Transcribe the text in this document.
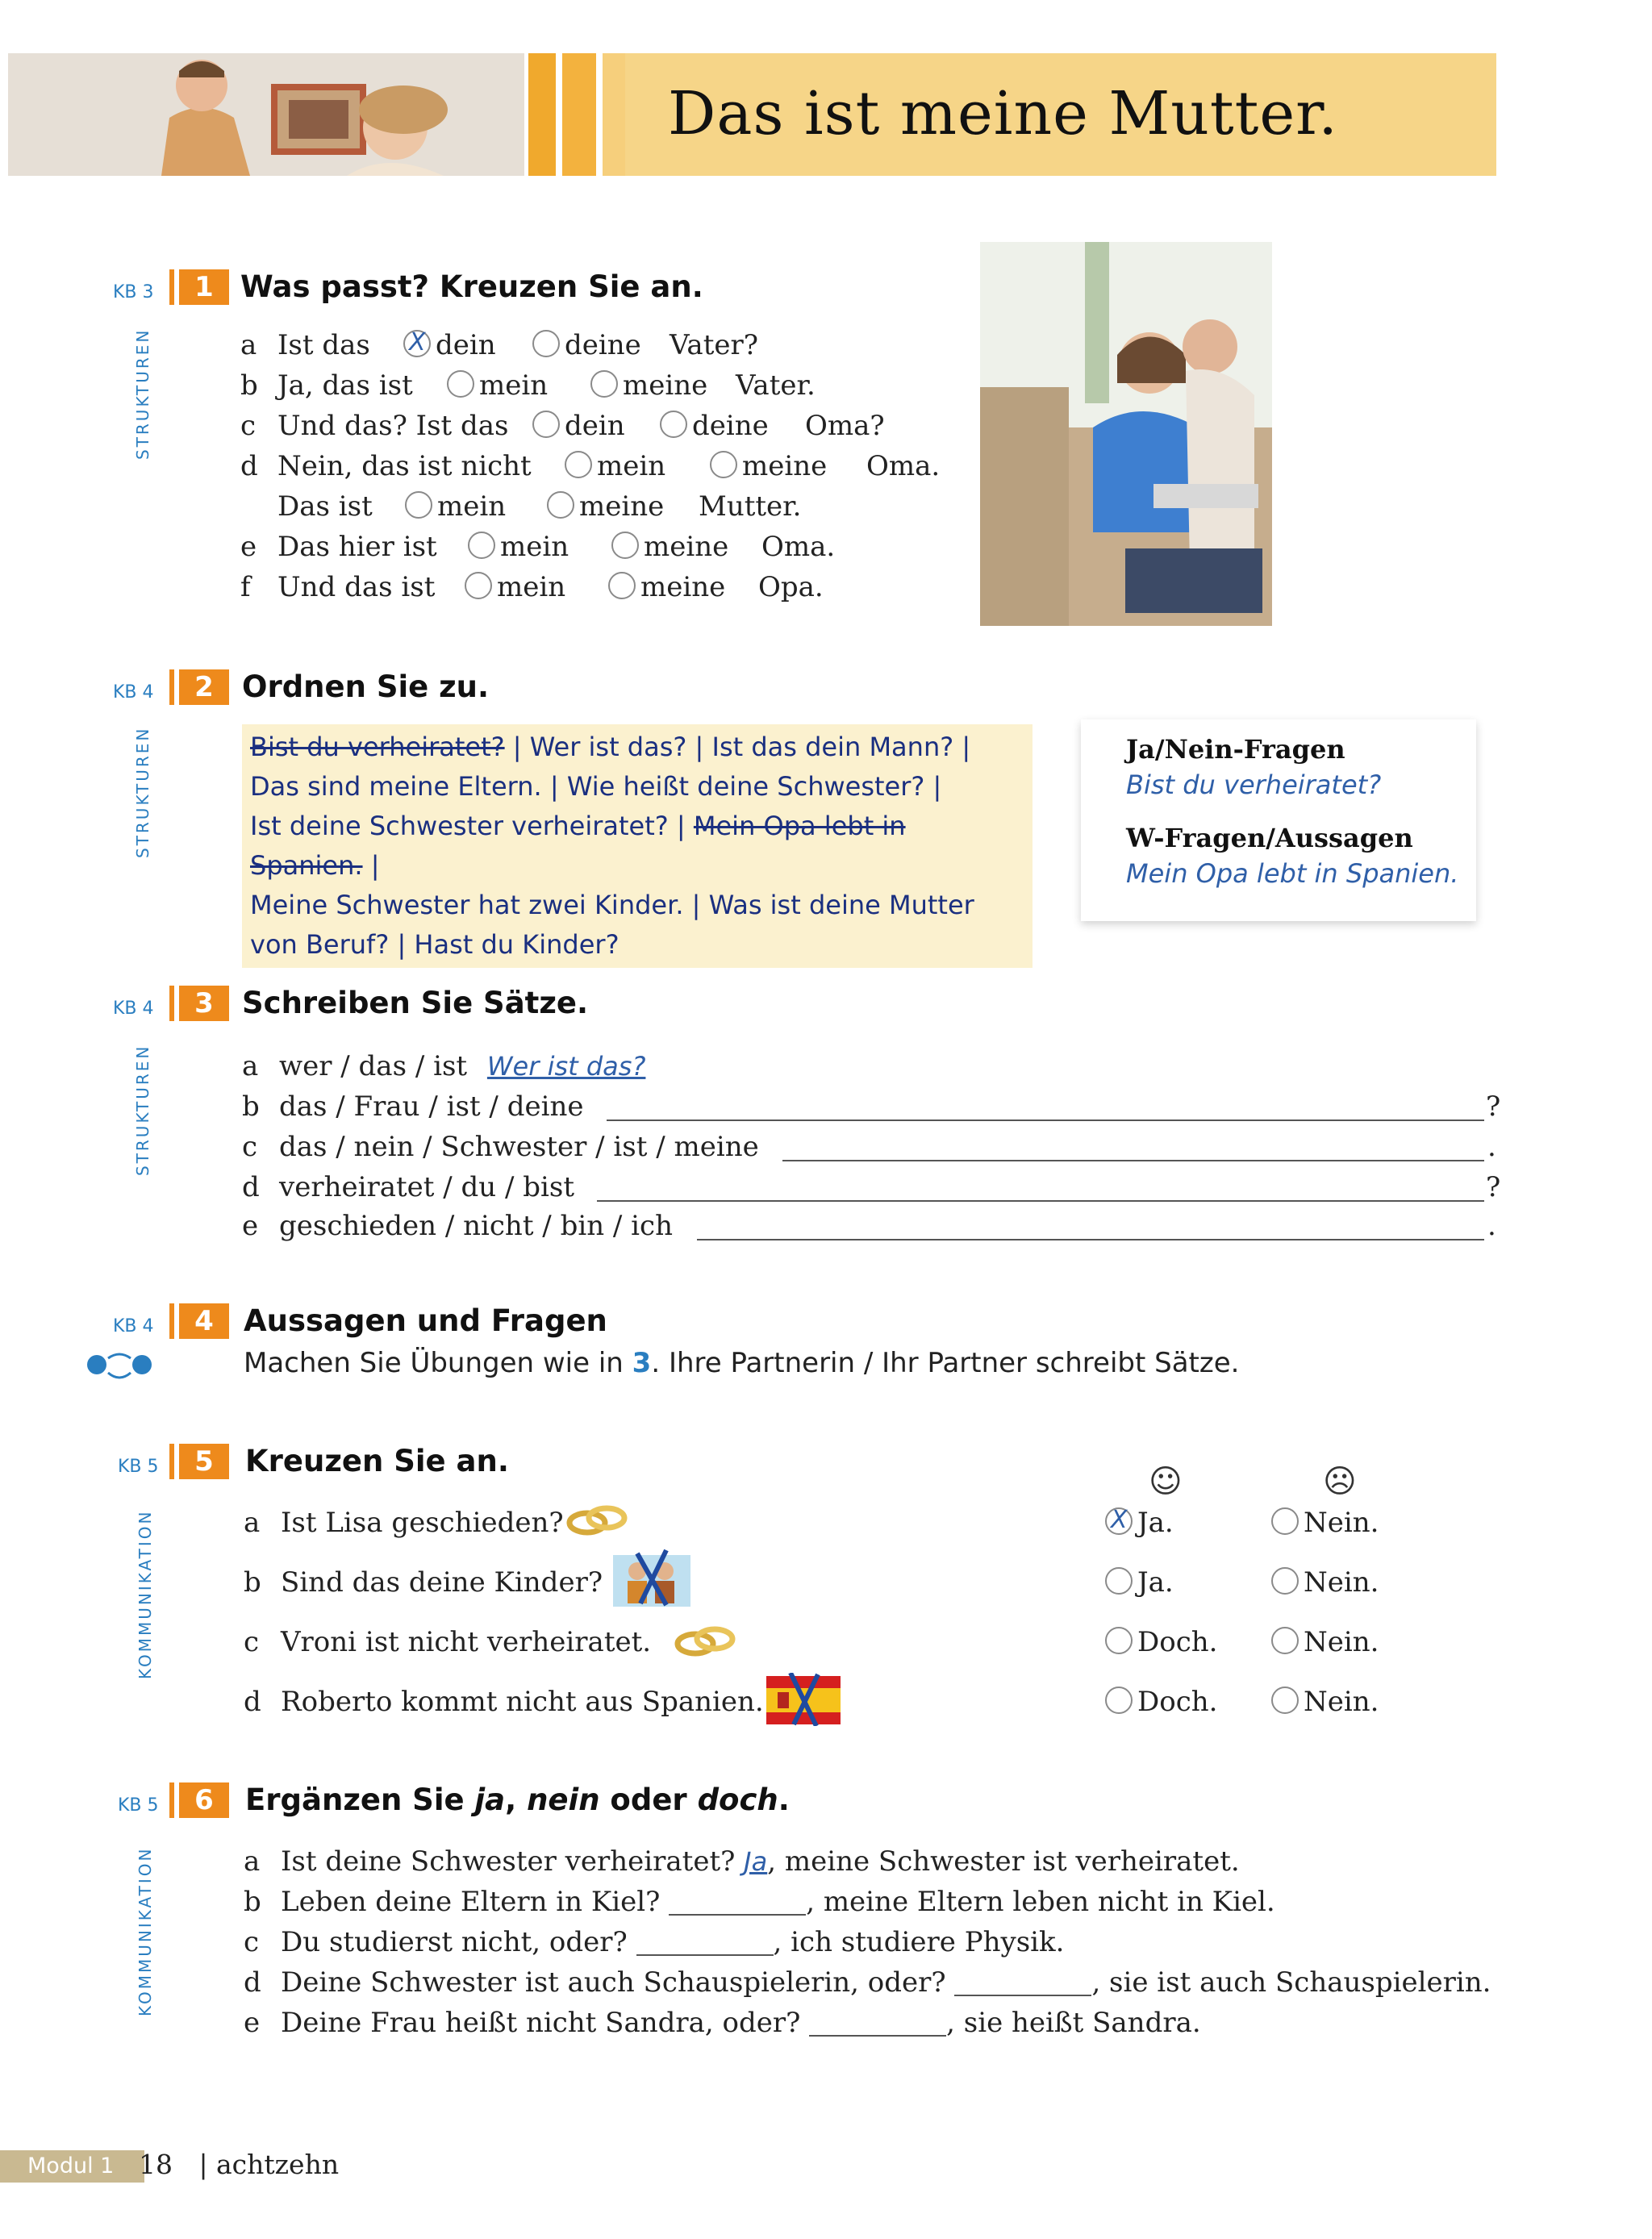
Das ist meine Mutter.
KB 3
STRUKTUREN
1 Was passt? Kreuzen Sie an.
a Ist das X dein	deine Vater?
b Ja, das ist mein	meine Vater.
c Und das? Ist das dein deine Oma?
d Nein, das ist nicht mein	meine Oma.
Das ist mein	meine Mutter.
e Das hier ist mein	meine Oma.
f Und das ist mein	meine Opa.
KB 4
STRUKTUREN
2 Ordnen Sie zu.
Bist du verheiratet? | Wer ist das? | Ist das dein Mann? |
Das sind meine Eltern. | Wie heißt deine Schwester? |
Ist deine Schwester verheiratet? | Mein Opa lebt in Spanien. |
Meine Schwester hat zwei Kinder. | Was ist deine Mutter von Beruf? | Hast du Kinder?
Ja/Nein-Fragen
Bist du verheiratet?
W-Fragen/Aussagen
Mein Opa lebt in Spanien.
KB 4
STRUKTUREN
3 Schreiben Sie Sätze.
a wer / das / ist Wer ist das?
b das / Frau / ist / deine	?
c das / nein / Schwester / ist / meine	.
d verheiratet / du / bist	?
e geschieden / nicht / bin / ich	.
KB 4	4	Aussagen und Fragen
Machen Sie Übungen wie in 3. Ihre Partnerin / Ihr Partner schreibt Sätze.
KB 5
KOMMUNIKATION
5	Kreuzen Sie an.
☺	☹
a Ist Lisa geschieden? X	Ja.	Nein.
b Sind das deine Kinder?	Ja.	Nein.
c Vroni ist nicht verheiratet.	Doch.	Nein.
d Roberto kommt nicht aus Spanien.	Doch.	Nein.
KB 5
KOMMUNIKATION
6	Ergänzen Sie ja, nein oder doch.
a Ist deine Schwester verheiratet? Ja, meine Schwester ist verheiratet.
b Leben deine Eltern in Kiel?	, meine Eltern leben nicht in Kiel.
c Du studierst nicht, oder?	, ich studiere Physik.
d Deine Schwester ist auch Schauspielerin, oder?	, sie ist auch Schauspielerin.
e Deine Frau heißt nicht Sandra, oder?	, sie heißt Sandra.
Modul 1 18 | achtzehn
